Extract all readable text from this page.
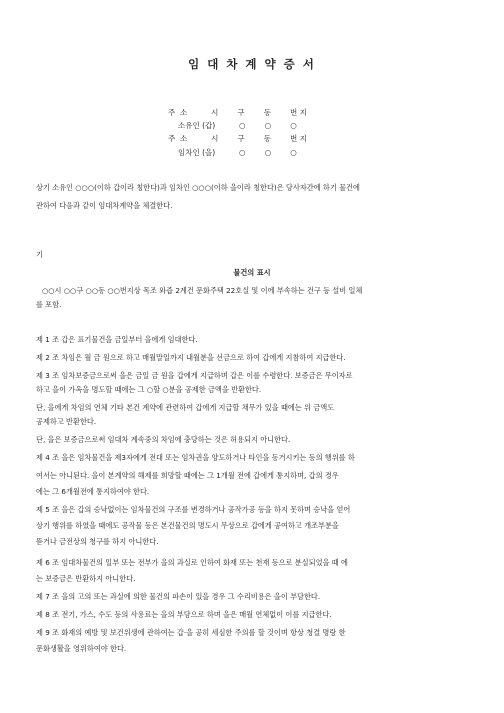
임 대 차 계 약 증 서
주  소          시        구        동        번 지
소유인 (갑)          ○        ○        ○
주  소          시        구        동        번 지
임차인 (을)          ○        ○        ○
상기 소유인 ○○○(이하 갑이라 칭한다)과 임차인 ○○○(이하 을이라 칭한다)은 당사자간에 하기 물건에
관하여 다음과 같이 임대차계약을 체결한다.
기
물건의 표시
○○시 ○○구 ○○동 ○○번지상 목조 와즙 2계건 문화주택 22호실 및 이에 부속하는 건구 등 설비 일체
를 포함.
제 1 조 갑은 표기물건을 금일부터 을에게 임대한다.
제 2 조 차임은 월 금 원으로 하고 매월말일까지 내월분을 선금으로 하여 갑에게 지참하여 지급한다.
제 3 조 임차보증금으로써 을은 금일 금 원을 갑에게 지급하며 갑은 이를 수령한다. 보증금은 무이자로
하고 을이 가옥을 명도할 때에는 그 ○할 ○분을 공제한 금액을 반환한다.
단, 을에게 차임의 연체 기타 본건 계약에 관련하여 갑에게 지급할 채무가 있을 때에는 위 금액도
공제하고 반환한다.
단, 을은 보증금으로써 임대차 계속중의 차임에 충당하는 것은 허용되지 아니한다.
제 4 조 을은 임차물건을 제3자에게 전대 또는 임차권을 양도하거나 타인을 동거시키는 등의 행위를 하
여서는 아니된다. 을이 본계약의 해제를 희망할 때에는 그 1개월 전에 갑에게 통지하며, 갑의 경우
에는 그 6개월전에 통지하여야 한다.
제 5 조 을은 갑의 승낙없이는 임차물건의 구조를 변경하거나 공작가공 등을 하지 못하며 승낙을 얻어
상기 행위를 하였을 때에도 공작물 등은 본건물건의 명도시 무상으로 갑에게 공여하고 개조부분을
뜯거나 금전상의 청구를 하지 아니한다.
제 6 조 임대차물건의 일부 또는 전부가 을의 과실로 인하여 화재 또는 천재 등으로 분실되었을 때 에
는 보증금은 반환하지 아니한다.
제 7 조 을의 고의 또는 과실에 의한 물건의 파손이 있을 경우 그 수리비용은 을이 부담한다.
제 8 조 전기, 가스, 수도 등의 사용료는 을의 부담으로 하며 을은 매월 연체없이 이를 지급한다.
제 9 조 화재의 예방 및 보건위생에 관하여는 갑·을 공히 세심한 주의를 할 것이며 항상 청결 명랑 한
문화생활을 영위하여야 한다.
